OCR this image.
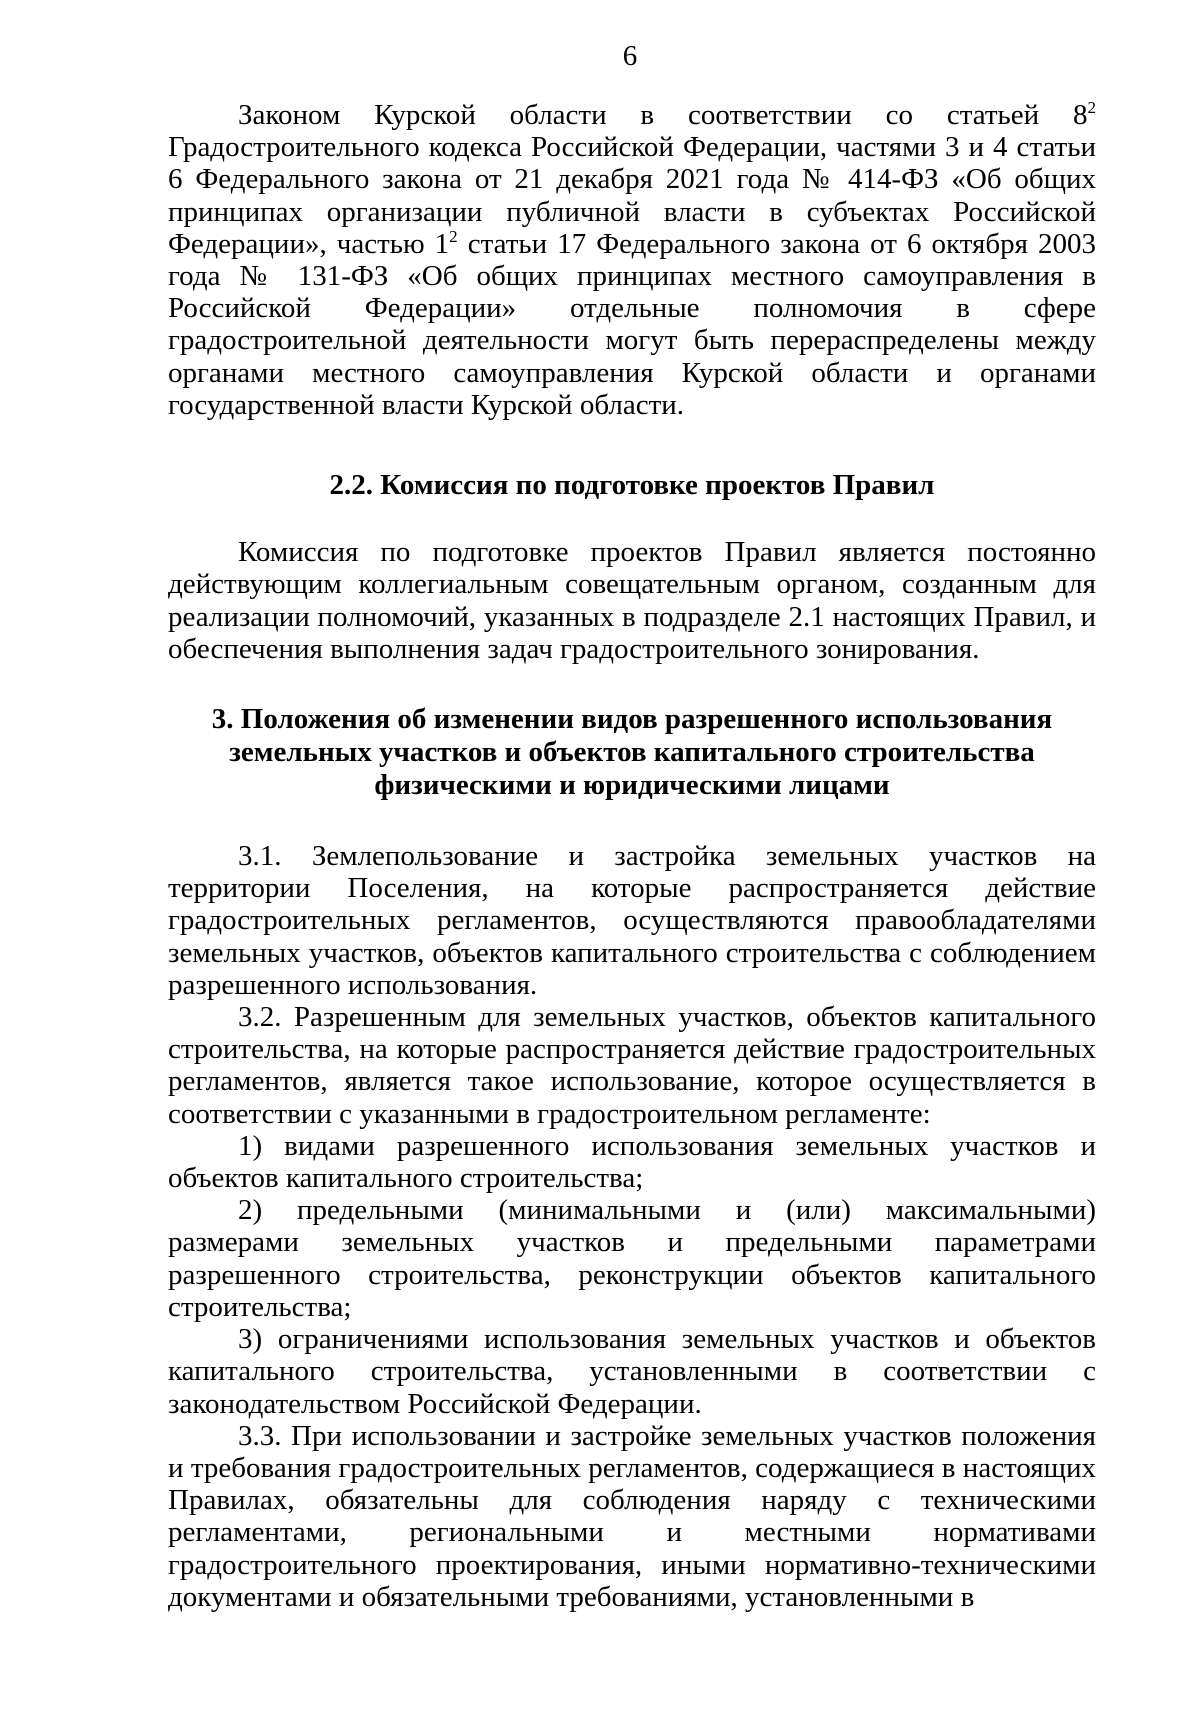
6

Законом Курской области в соответствии со статьей $8^2$ Градостроительного кодекса Российской Федерации, частями 3 и 4 статьи 6 Федерального закона от 21 декабря 2021 года № 414-ФЗ «Об общих принципах организации публичной власти в субъектах Российской Федерации», частью $1^2$ статьи 17 Федерального закона от 6 октября 2003 года № 131-ФЗ «Об общих принципах местного самоуправления в Российской Федерации» отдельные полномочия в сфере градостроительной деятельности могут быть перераспределены между органами местного самоуправления Курской области и органами государственной власти Курской области.

2.2. Комиссия по подготовке проектов Правил

Комиссия по подготовке проектов Правил является постоянно действующим коллегиальным совещательным органом, созданным для реализации полномочий, указанных в подразделе 2.1 настоящих Правил, и обеспечения выполнения задач градостроительного зонирования.

3. Положения об изменении видов разрешенного использования
земельных участков и объектов капитального строительства
физическими и юридическими лицами

3.1. Землепользование и застройка земельных участков на территории Поселения, на которые распространяется действие градостроительных регламентов, осуществляются правообладателями земельных участков, объектов капитального строительства с соблюдением разрешенного использования.

3.2. Разрешенным для земельных участков, объектов капитального строительства, на которые распространяется действие градостроительных регламентов, является такое использование, которое осуществляется в соответствии с указанными в градостроительном регламенте:

1) видами разрешенного использования земельных участков и объектов капитального строительства;

2) предельными (минимальными и (или) максимальными) размерами земельных участков и предельными параметрами разрешенного строительства, реконструкции объектов капитального строительства;

3) ограничениями использования земельных участков и объектов капитального строительства, установленными в соответствии с законодательством Российской Федерации.

3.3. При использовании и застройке земельных участков положения и требования градостроительных регламентов, содержащиеся в настоящих Правилах, обязательны для соблюдения наряду с техническими регламентами, региональными и местными нормативами градостроительного проектирования, иными нормативно-техническими документами и обязательными требованиями, установленными в
